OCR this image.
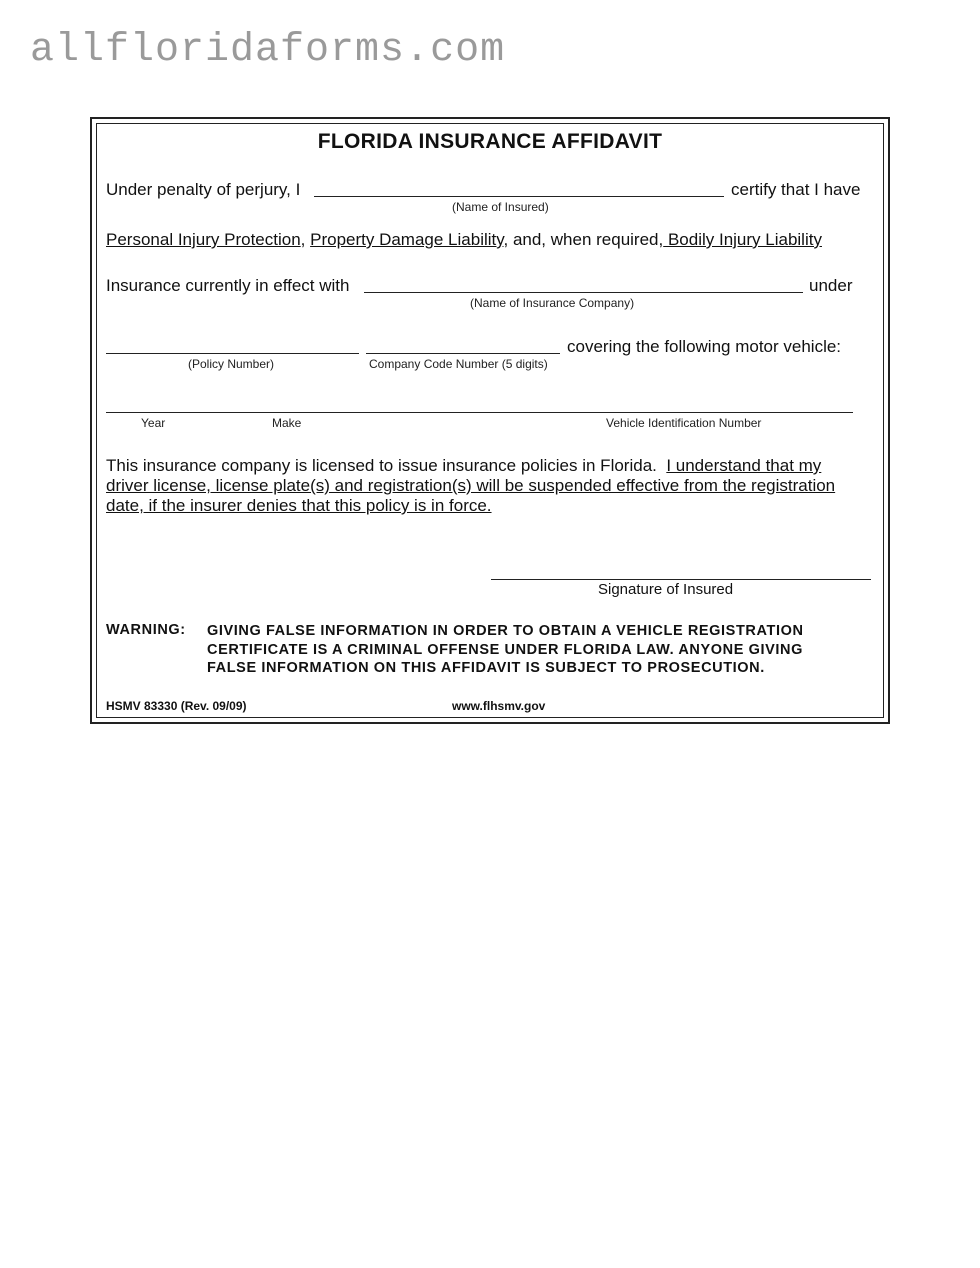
allfloridaforms.com
FLORIDA INSURANCE AFFIDAVIT
Under penalty of perjury, I	certify that I have
(Name of Insured)
Personal Injury Protection, Property Damage Liability, and, when required, Bodily Injury Liability
Insurance currently in effect with	under
(Name of Insurance Company)
covering the following motor vehicle:
(Policy Number)	Company Code Number (5 digits)
Year	Make	Vehicle Identification Number
This insurance company is licensed to issue insurance policies in Florida. I understand that my driver license, license plate(s) and registration(s) will be suspended effective from the registration date, if the insurer denies that this policy is in force.
Signature of Insured
WARNING: GIVING FALSE INFORMATION IN ORDER TO OBTAIN A VEHICLE REGISTRATION CERTIFICATE IS A CRIMINAL OFFENSE UNDER FLORIDA LAW. ANYONE GIVING FALSE INFORMATION ON THIS AFFIDAVIT IS SUBJECT TO PROSECUTION.
HSMV 83330 (Rev. 09/09)	www.flhsmv.gov
